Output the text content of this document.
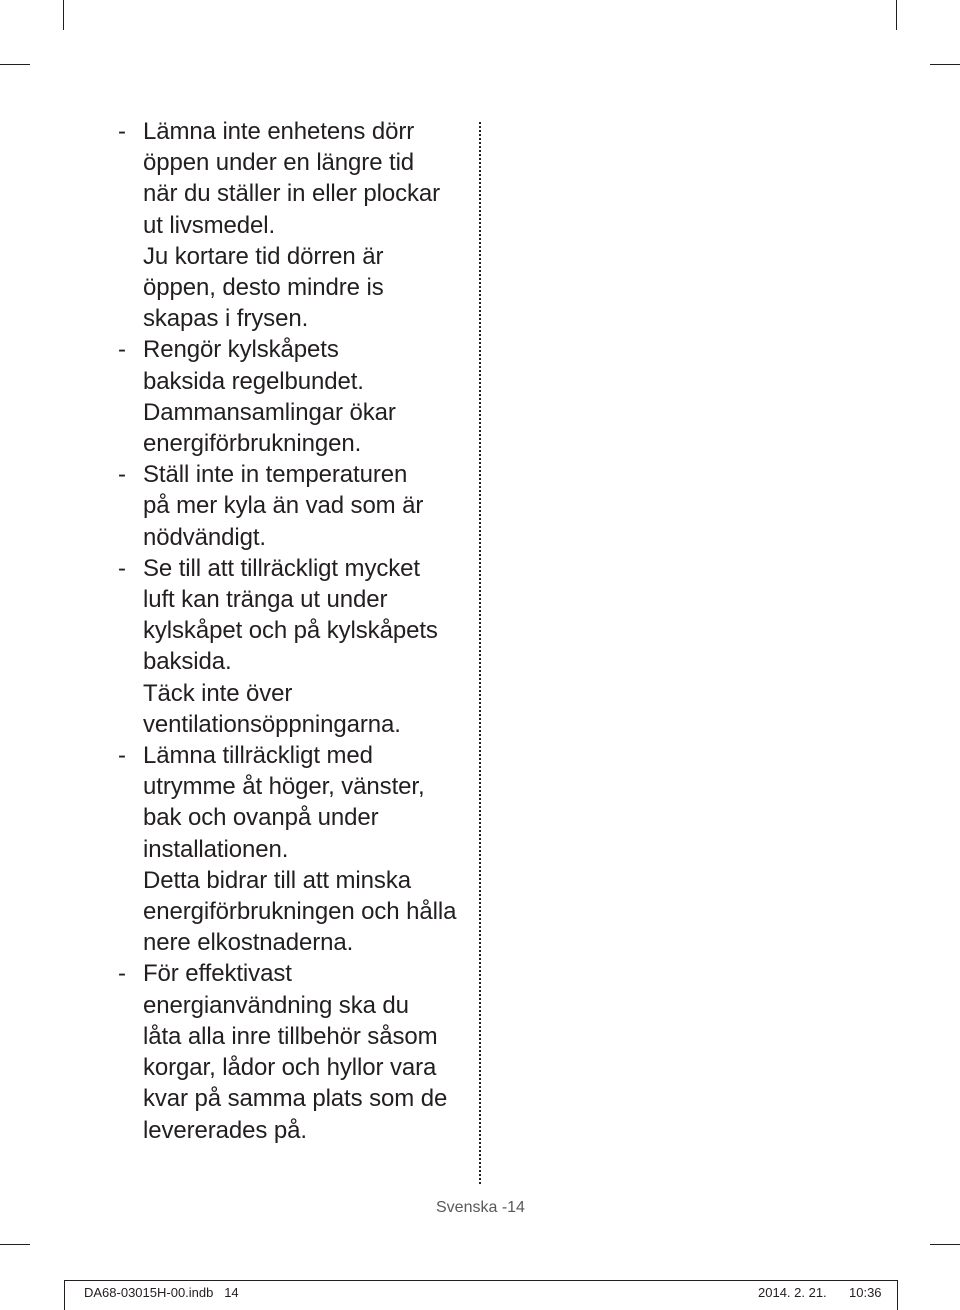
- Lämna inte enhetens dörr
öppen under en längre tid
när du ställer in eller plockar
ut livsmedel.
Ju kortare tid dörren är
öppen, desto mindre is
skapas i frysen.
- Rengör kylskåpets
baksida regelbundet.
Dammansamlingar ökar
energiförbrukningen.
- Ställ inte in temperaturen
på mer kyla än vad som är
nödvändigt.
- Se till att tillräckligt mycket
luft kan tränga ut under
kylskåpet och på kylskåpets
baksida.
Täck inte över
ventilationsöppningarna.
- Lämna tillräckligt med
utrymme åt höger, vänster,
bak och ovanpå under
installationen.
Detta bidrar till att minska
energiförbrukningen och hålla
nere elkostnaderna.
- För effektivast
energianvändning ska du
låta alla inre tillbehör såsom
korgar, lådor och hyllor vara
kvar på samma plats som de
levererades på.
Svenska -14
DA68-03015H-00.indb   14	2014. 2. 21. 10:36
